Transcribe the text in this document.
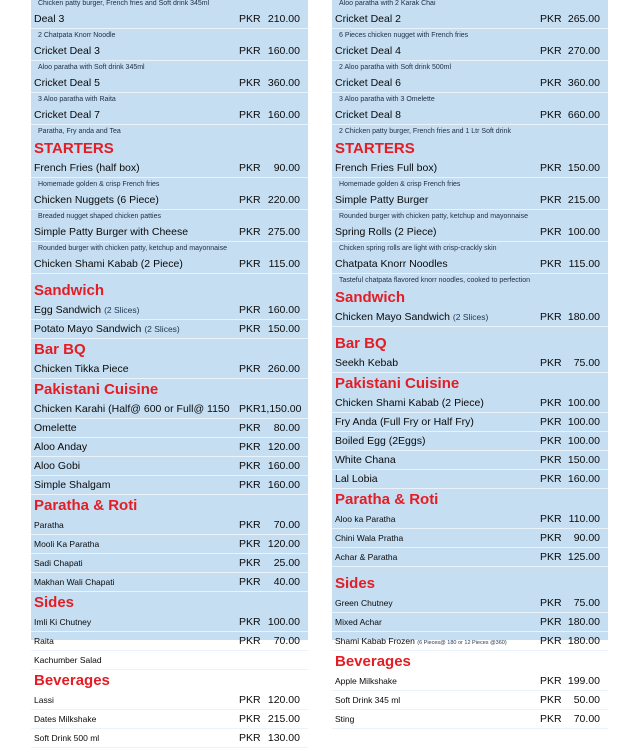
Chicken patty burger, French fries and Soft drink 345ml
Deal 3	PKR 210.00
2 Chatpata Knorr Noodle
Cricket Deal 3	PKR 160.00
Aloo paratha with Soft drink 345ml
Cricket Deal 5	PKR 360.00
3 Aloo paratha with Raita
Cricket Deal 7	PKR 160.00
Paratha, Fry anda and Tea
STARTERS
French Fries (half box)	PKR 90.00
Homemade golden & crisp French fries
Chicken Nuggets (6 Piece)	PKR 220.00
Breaded nugget shaped chicken patties
Simple Patty Burger with Cheese	PKR 275.00
Rounded burger with chicken patty, ketchup and mayonnaise
Chicken Shami Kabab (2 Piece)	PKR 115.00
Sandwich
Egg Sandwich (2 Slices)	PKR 160.00
Potato Mayo Sandwich (2 Slices)	PKR 150.00
Bar BQ
Chicken Tikka Piece	PKR 260.00
Pakistani Cuisine
Chicken Karahi (Half@ 600 or Full@ 1150 PKR1,150.00
Omelette	PKR 80.00
Aloo Anday	PKR 120.00
Aloo Gobi	PKR 160.00
Simple Shalgam	PKR 160.00
Paratha & Roti
Paratha	PKR 70.00
Mooli Ka Paratha	PKR 120.00
Sadi Chapati	PKR 25.00
Makhan Wali Chapati	PKR 40.00
Sides
Imli Ki Chutney	PKR 100.00
Raita	PKR 70.00
Kachumber Salad
Beverages
Lassi	PKR 120.00
Dates Milkshake	PKR 215.00
Soft Drink 500 ml	PKR 130.00
Aloo paratha with 2 Karak Chai
Cricket Deal 2	PKR 265.00
6 Pieces chicken nugget with French fries
Cricket Deal 4	PKR 270.00
2 Aloo paratha with Soft drink 500ml
Cricket Deal 6	PKR 360.00
3 Aloo paratha with 3 Omelette
Cricket Deal 8	PKR 660.00
2 Chicken patty burger, French fries and 1 Ltr Soft drink
STARTERS
French Fries Full box)	PKR 150.00
Homemade golden & crisp French fries
Simple Patty Burger	PKR 215.00
Rounded burger with chicken patty, ketchup and mayonnaise
Spring Rolls (2 Piece)	PKR 100.00
Chicken spring rolls are light with crisp-crackly skin
Chatpata Knorr Noodles	PKR 115.00
Tasteful chatpata flavored knorr noodles, cooked to perfection
Sandwich
Chicken Mayo Sandwich (2 Slices)	PKR 180.00
Bar BQ
Seekh Kebab	PKR 75.00
Pakistani Cuisine
Chicken Shami Kabab (2 Piece)	PKR 100.00
Fry Anda (Full Fry or Half Fry)	PKR 100.00
Boiled Egg (2Eggs)	PKR 100.00
White Chana	PKR 150.00
Lal Lobia	PKR 160.00
Paratha & Roti
Aloo ka Paratha	PKR 110.00
Chini Wala Pratha	PKR 90.00
Achar & Paratha	PKR 125.00
Sides
Green Chutney	PKR 75.00
Mixed Achar	PKR 180.00
Shami Kabab Frozen (6 Pieces@ 180 or 12 Pieces @360)	PKR 180.00
Beverages
Apple Milkshake	PKR 199.00
Soft Drink 345 ml	PKR 50.00
Sting	PKR 70.00
